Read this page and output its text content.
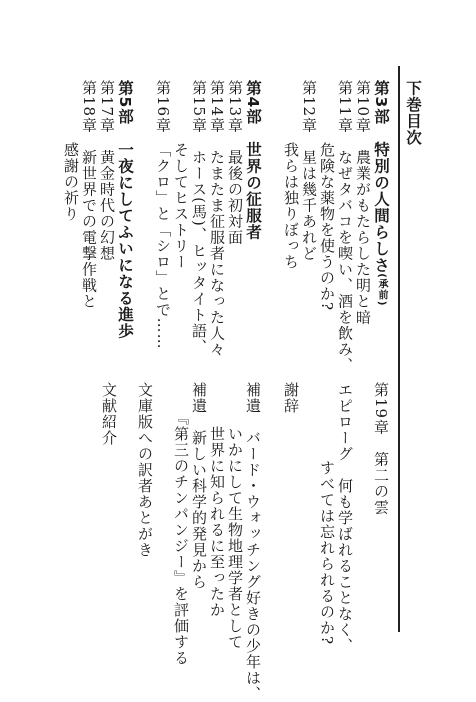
下巻目次
第3部　特別の人間らしさ(承前)
第10章　農業がもたらした明と暗
第11章　なぜタバコを喫い、酒を飲み、
危険な薬物を使うのか?
第12章　星は幾千あれど
我らは独りぼっち
第4部　世界の征服者
第13章　最後の初対面
第14章　たまたま征服者になった人々
第15章　ホース(馬)、ヒッタイト語、
そしてヒストリー
第16章　「クロ」と「シロ」とで……
第5部　一夜にしてふいになる進歩
第17章　黄金時代の幻想
第18章　新世界での電撃作戦と
感謝の祈り
第19章　第二の雲
エピローグ　何も学ばれることなく、
すべては忘れられるのか?
謝辞
補遺　バード・ウォッチング好きの少年は、
いかにして生物地理学者として
世界に知られるに至ったか
補遺　新しい科学的発見から
『第三のチンパンジー』を評価する
文庫版への訳者あとがき
文献紹介
